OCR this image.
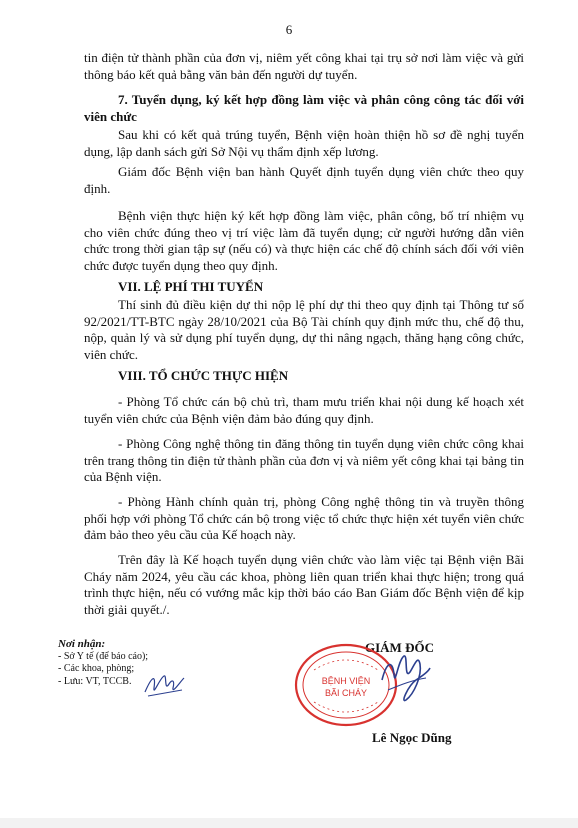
6

tin điện tử thành phần của đơn vị, niêm yết công khai tại trụ sở nơi làm việc và gửi thông báo kết quả bằng văn bản đến người dự tuyển.

7. Tuyển dụng, ký kết hợp đồng làm việc và phân công công tác đối với viên chức

Sau khi có kết quả trúng tuyển, Bệnh viện hoàn thiện hồ sơ đề nghị tuyển dụng, lập danh sách gửi Sở Nội vụ thẩm định xếp lương.

Giám đốc Bệnh viện ban hành Quyết định tuyển dụng viên chức theo quy định.

Bệnh viện thực hiện ký kết hợp đồng làm việc, phân công, bố trí nhiệm vụ cho viên chức đúng theo vị trí việc làm đã tuyển dụng; cử người hướng dẫn viên chức trong thời gian tập sự (nếu có) và thực hiện các chế độ chính sách đối với viên chức được tuyển dụng theo quy định.

VII. LỆ PHÍ THI TUYỂN

Thí sinh đủ điều kiện dự thi nộp lệ phí dự thi theo quy định tại Thông tư số 92/2021/TT-BTC ngày 28/10/2021 của Bộ Tài chính quy định mức thu, chế độ thu, nộp, quản lý và sử dụng phí tuyển dụng, dự thi nâng ngạch, thăng hạng công chức, viên chức.

VIII. TỔ CHỨC THỰC HIỆN

- Phòng Tổ chức cán bộ chủ trì, tham mưu triển khai nội dung kế hoạch xét tuyển viên chức của Bệnh viện đảm bảo đúng quy định.

- Phòng Công nghệ thông tin đăng thông tin tuyển dụng viên chức công khai trên trang thông tin điện tử thành phần của đơn vị và niêm yết công khai tại bảng tin của Bệnh viện.

- Phòng Hành chính quản trị, phòng Công nghệ thông tin và truyền thông phối hợp với phòng Tổ chức cán bộ trong việc tổ chức thực hiện xét tuyển viên chức đảm bảo theo yêu cầu của Kế hoạch này.

Trên đây là Kế hoạch tuyển dụng viên chức vào làm việc tại Bệnh viện Bãi Cháy năm 2024, yêu cầu các khoa, phòng liên quan triển khai thực hiện; trong quá trình thực hiện, nếu có vướng mắc kịp thời báo cáo Ban Giám đốc Bệnh viện để kịp thời giải quyết./.

Nơi nhận:
- Sở Y tế (để báo cáo);
- Các khoa, phòng;
- Lưu: VT, TCCB.
GIÁM ĐỐC
BỆNH VIỆN
BÃI CHÁY
Lê Ngọc Dũng
